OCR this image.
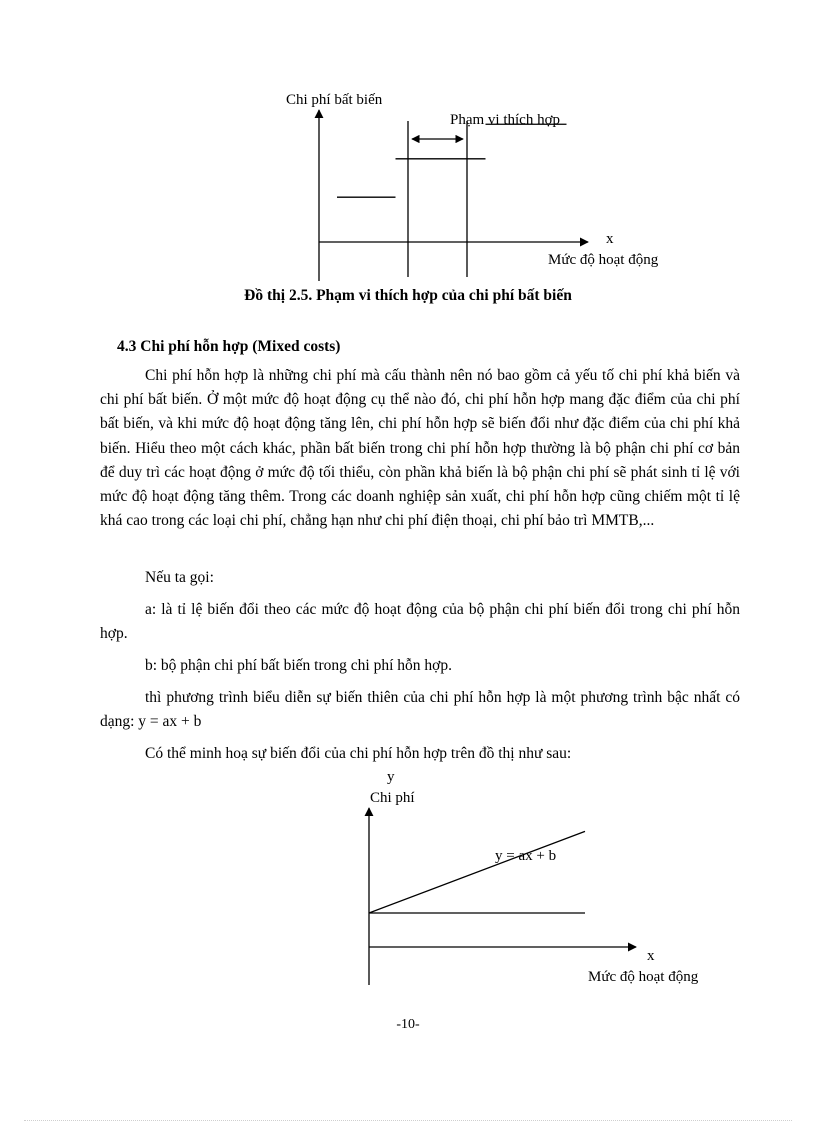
Chi phí bất biến
Phạm vi thích hợp
x
Mức độ hoạt động
Đồ thị 2.5. Phạm vi thích hợp của chi phí bất biến
4.3 Chi phí hỗn hợp (Mixed costs)

Chi phí hỗn hợp là những chi phí mà cấu thành nên nó bao gồm cả yếu tố chi phí khả biến và chi phí bất biến. Ở một mức độ hoạt động cụ thể nào đó, chi phí hỗn hợp mang đặc điểm của chi phí bất biến, và khi mức độ hoạt động tăng lên, chi phí hỗn hợp sẽ biến đổi như đặc điểm của chi phí khả biến. Hiểu theo một cách khác, phần bất biến trong chi phí hỗn hợp thường là bộ phận chi phí cơ bản để duy trì các hoạt động ở mức độ tối thiểu, còn phần khả biến là bộ phận chi phí sẽ phát sinh tỉ lệ với mức độ hoạt động tăng thêm. Trong các doanh nghiệp sản xuất, chi phí hỗn hợp cũng chiếm một tỉ lệ khá cao trong các loại chi phí, chẳng hạn như chi phí điện thoại, chi phí bảo trì MMTB,...

Nếu ta gọi:

a: là tỉ lệ biến đổi theo các mức độ hoạt động của bộ phận chi phí biến đổi trong chi phí hỗn hợp.

b: bộ phận chi phí bất biến trong chi phí hỗn hợp.

thì phương trình biểu diễn sự biến thiên của chi phí hỗn hợp là một phương trình bậc nhất có dạng: y = ax + b

Có thể minh hoạ sự biến đổi của chi phí hỗn hợp trên đồ thị như sau:

y
Chi phí
y = ax + b
x
Mức độ hoạt động
-10-
